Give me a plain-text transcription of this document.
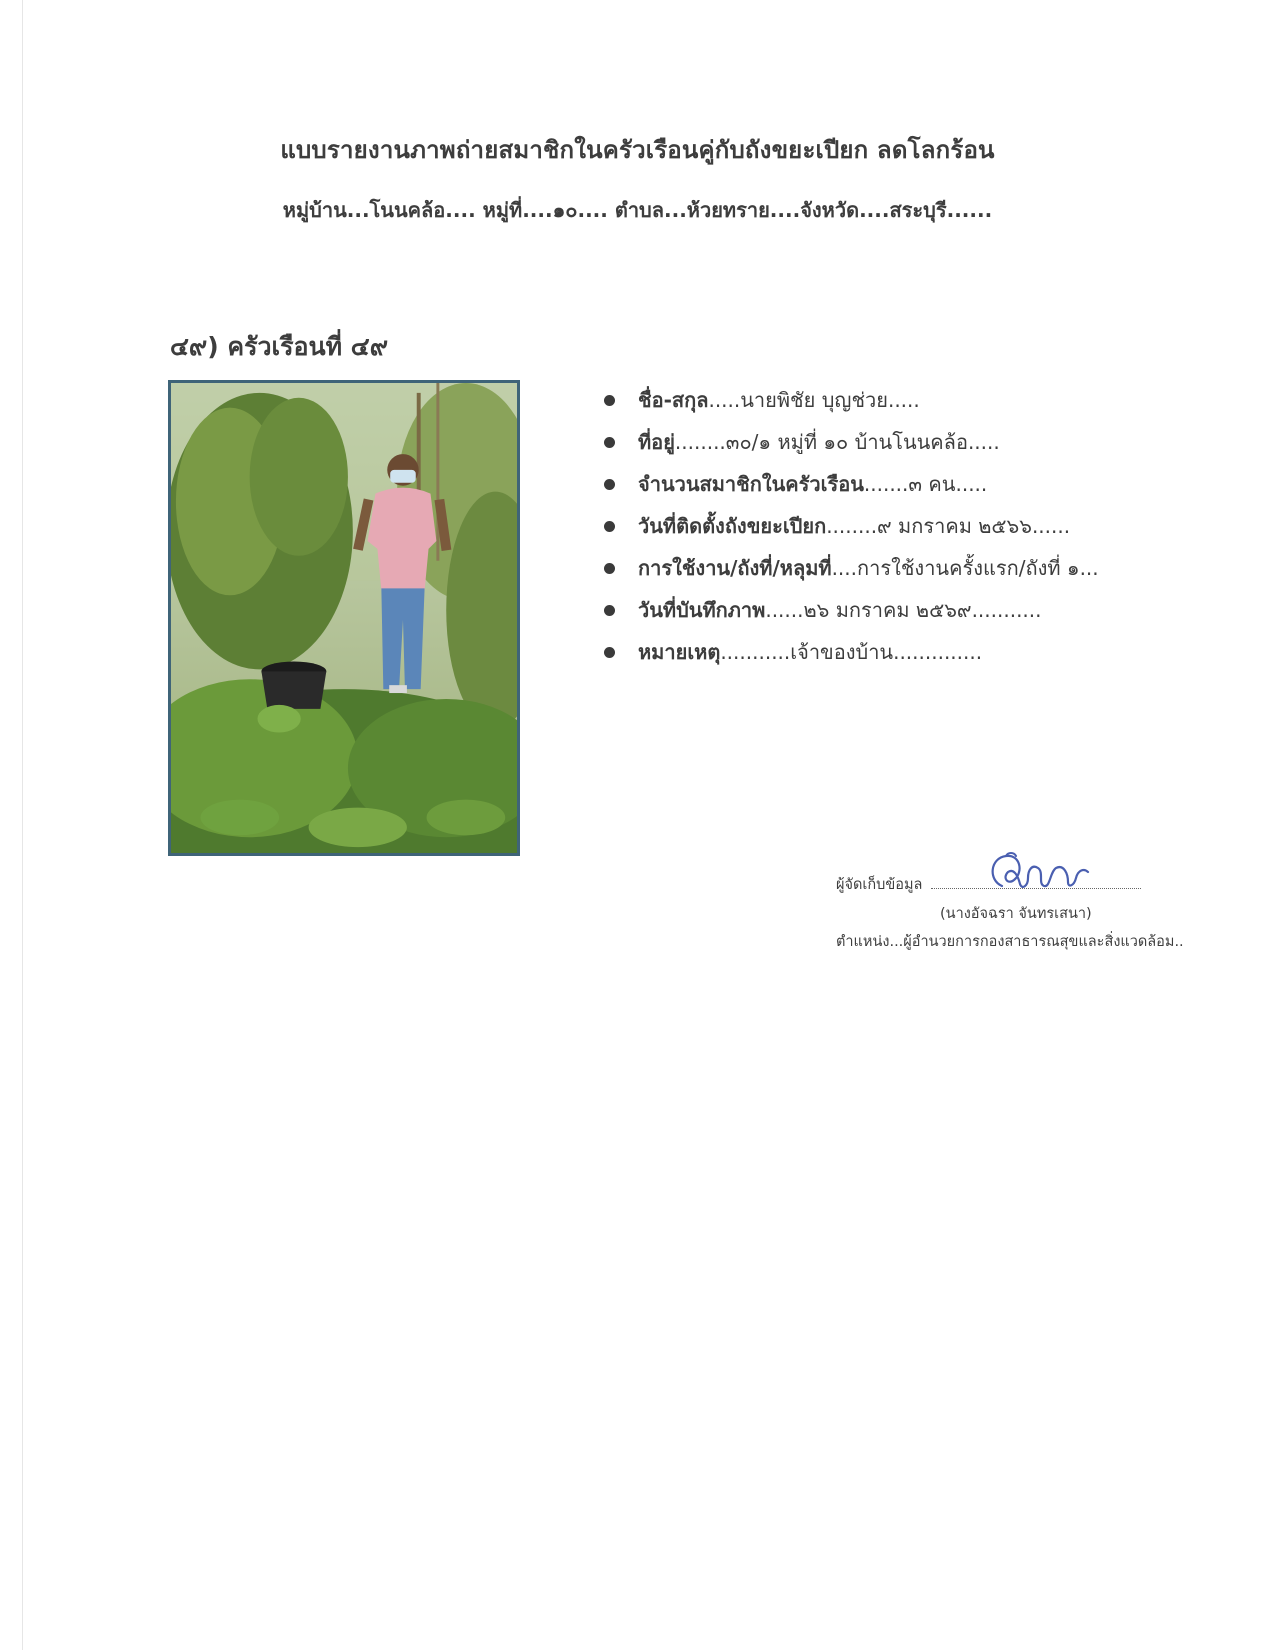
แบบรายงานภาพถ่ายสมาชิกในครัวเรือนคู่กับถังขยะเปียก ลดโลกร้อน
หมู่บ้าน...โนนคล้อ.... หมู่ที่....๑๐.... ตำบล...ห้วยทราย....จังหวัด....สระบุรี......
๔๙) ครัวเรือนที่ ๔๙
ชื่อ-สกุล.....นายพิชัย บุญช่วย.....
ที่อยู่........๓๐/๑ หมู่ที่ ๑๐ บ้านโนนคล้อ.....
จำนวนสมาชิกในครัวเรือน.......๓ คน.....
วันที่ติดตั้งถังขยะเปียก........๙ มกราคม ๒๕๖๖......
การใช้งาน/ถังที่/หลุมที่....การใช้งานครั้งแรก/ถังที่ ๑...
วันที่บันทึกภาพ......๒๖ มกราคม ๒๕๖๙...........
หมายเหตุ...........เจ้าของบ้าน..............
ผู้จัดเก็บข้อมูล
(นางอัจฉรา จันทรเสนา)
ตำแหน่ง...ผู้อำนวยการกองสาธารณสุขและสิ่งแวดล้อม..
